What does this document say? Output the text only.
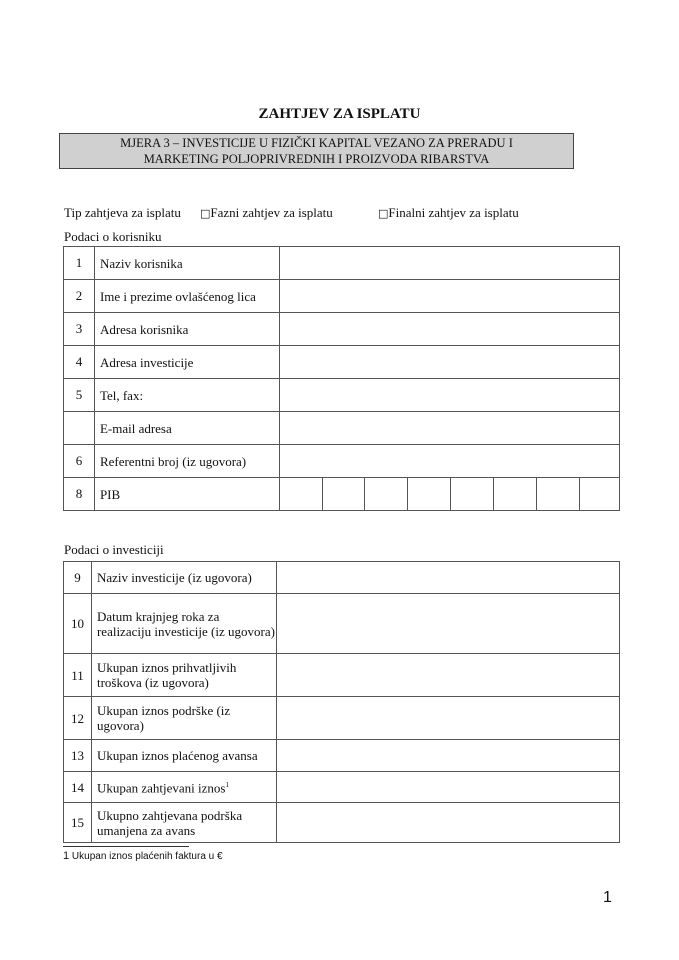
ZAHTJEV ZA ISPLATU
MJERA 3 – INVESTICIJE U FIZIČKI KAPITAL VEZANO ZA PRERADU I
MARKETING POLJOPRIVREDNIH I PROIZVODA RIBARSTVA
Tip zahtjeva za isplatu □Fazni zahtjev za isplatu	□Finalni zahtjev za isplatu
Podaci o korisniku
1	Naziv korisnika								
2	Ime i prezime ovlašćenog lica								
3	Adresa korisnika								
4	Adresa investicije								
5	Tel, fax:								
	E-mail adresa								
6	Referentni broj (iz ugovora)								
8	PIB								
Podaci o investiciji
9	Naziv investicije (iz ugovora)	
10	Datum krajnjeg roka za realizaciju investicije (iz ugovora)	
11	Ukupan iznos prihvatljivih troškova (iz ugovora)	
12	Ukupan iznos podrške (iz ugovora)	
13	Ukupan iznos plaćenog avansa	
14	Ukupan zahtjevani iznos$^1$	
15	Ukupno zahtjevana podrška umanjena za avans	
1 Ukupan iznos plaćenih faktura u €
1
